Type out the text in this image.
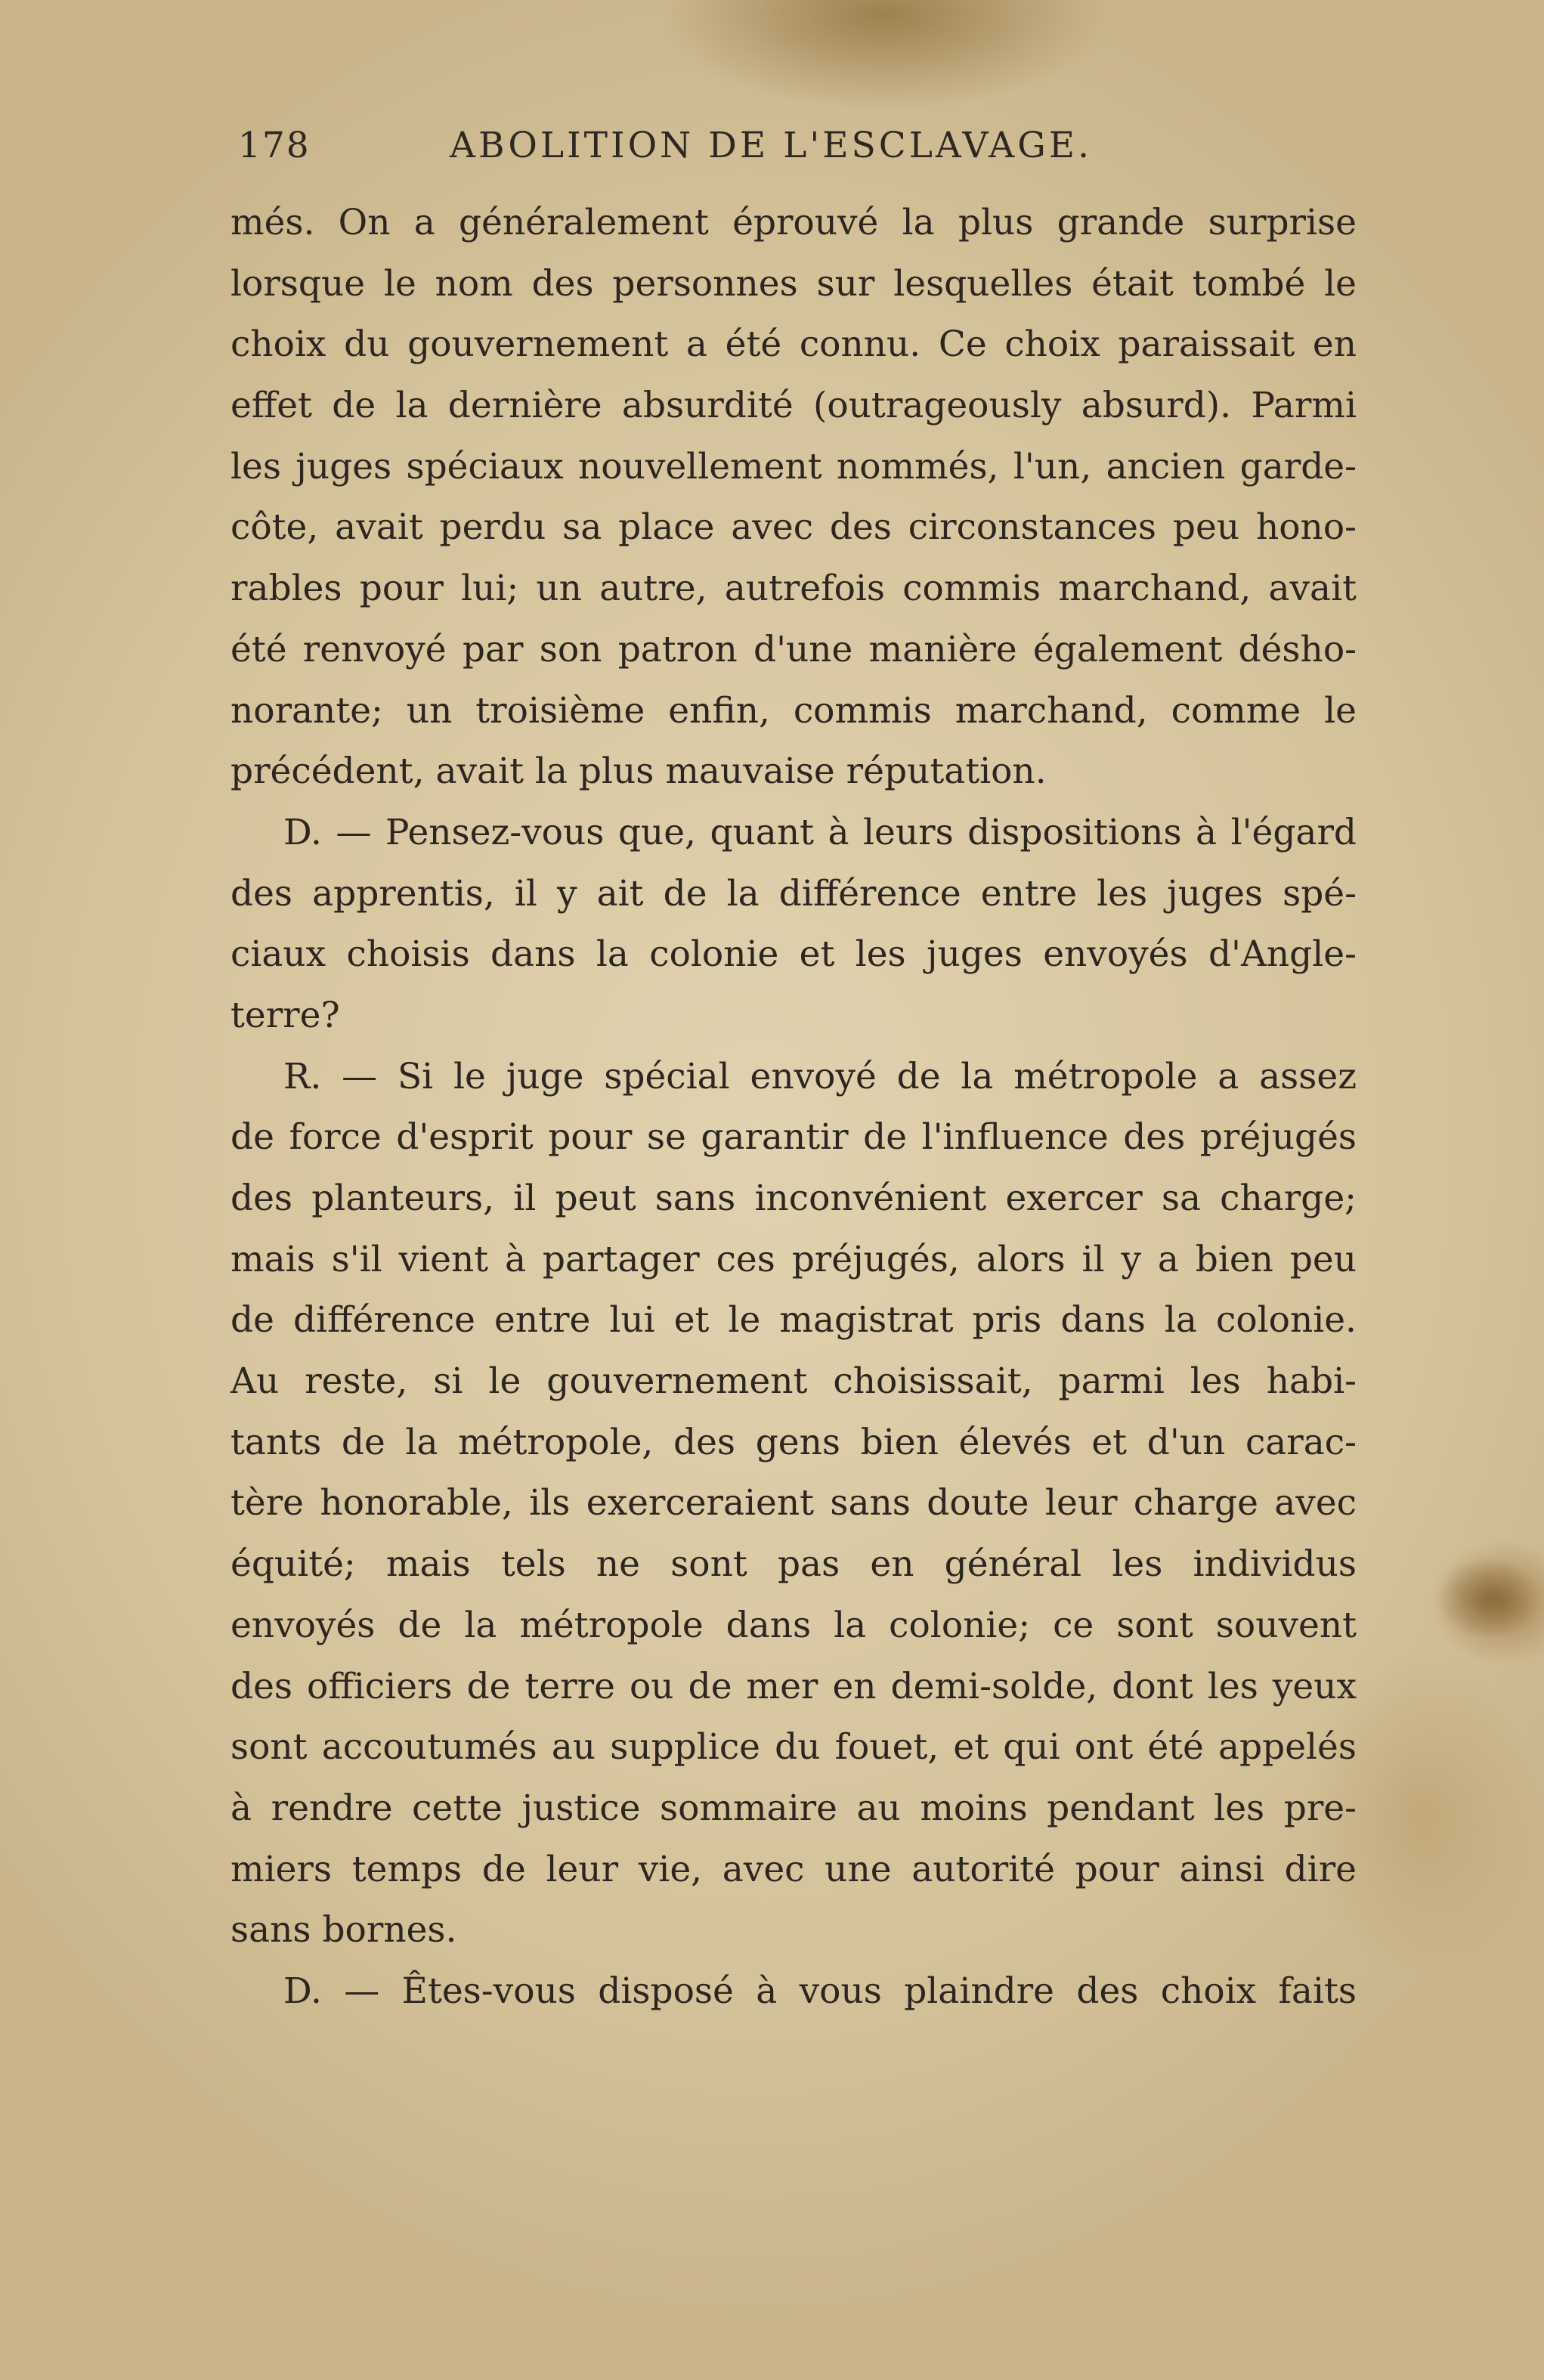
178	ABOLITION DE L'ESCLAVAGE.
més. On a généralement éprouvé la plus grande surprise
lorsque le nom des personnes sur lesquelles était tombé le
choix du gouvernement a été connu. Ce choix paraissait en
effet de la dernière absurdité (outrageously absurd). Parmi
les juges spéciaux nouvellement nommés, l'un, ancien garde-
côte, avait perdu sa place avec des circonstances peu hono-
rables pour lui; un autre, autrefois commis marchand, avait
été renvoyé par son patron d'une manière également désho-
norante; un troisième enfin, commis marchand, comme le
précédent, avait la plus mauvaise réputation.
D. — Pensez-vous que, quant à leurs dispositions à l'égard
des apprentis, il y ait de la différence entre les juges spé-
ciaux choisis dans la colonie et les juges envoyés d'Angle-
terre?
R. — Si le juge spécial envoyé de la métropole a assez
de force d'esprit pour se garantir de l'influence des préjugés
des planteurs, il peut sans inconvénient exercer sa charge;
mais s'il vient à partager ces préjugés, alors il y a bien peu
de différence entre lui et le magistrat pris dans la colonie.
Au reste, si le gouvernement choisissait, parmi les habi-
tants de la métropole, des gens bien élevés et d'un carac-
tère honorable, ils exerceraient sans doute leur charge avec
équité; mais tels ne sont pas en général les individus
envoyés de la métropole dans la colonie; ce sont souvent
des officiers de terre ou de mer en demi-solde, dont les yeux
sont accoutumés au supplice du fouet, et qui ont été appelés
à rendre cette justice sommaire au moins pendant les pre-
miers temps de leur vie, avec une autorité pour ainsi dire
sans bornes.
D. — Êtes-vous disposé à vous plaindre des choix faits
